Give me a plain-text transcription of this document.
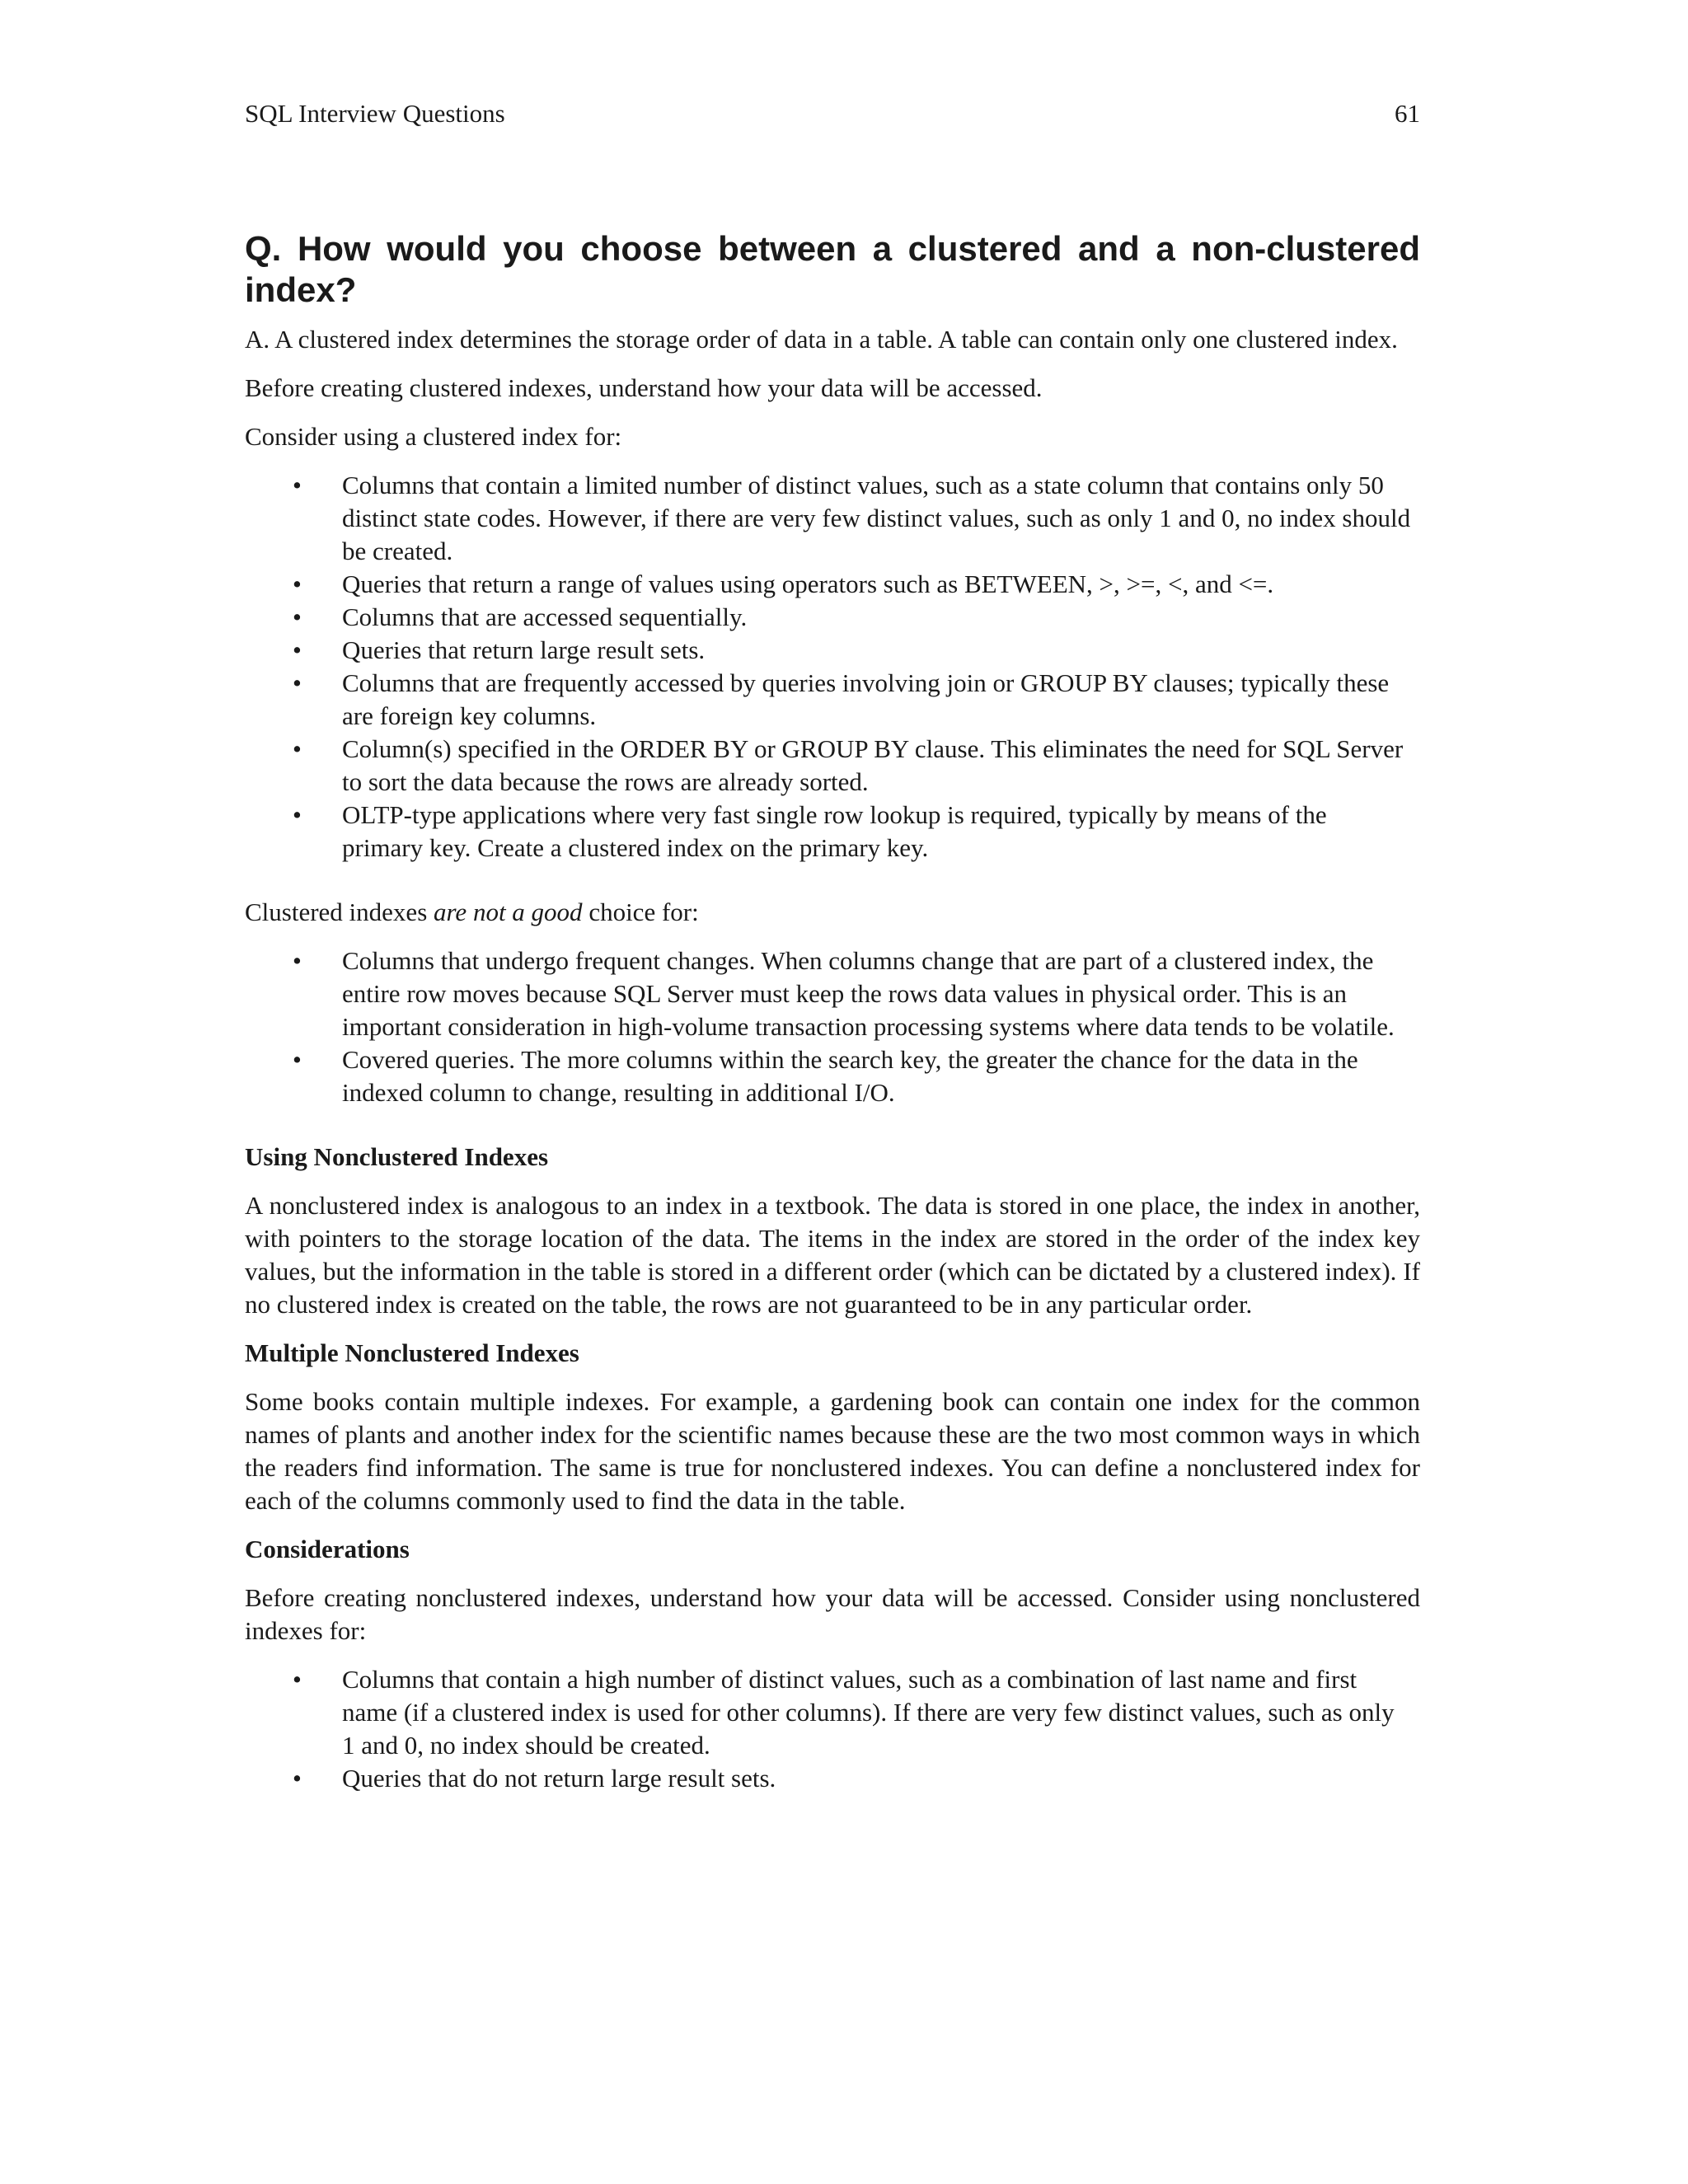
SQL Interview Questions	61
Q. How would you choose between a clustered and a non-clustered index?

A. A clustered index determines the storage order of data in a table. A table can contain only one clustered index.

Before creating clustered indexes, understand how your data will be accessed.

Consider using a clustered index for:

• Columns that contain a limited number of distinct values, such as a state column that contains only 50 distinct state codes. However, if there are very few distinct values, such as only 1 and 0, no index should be created.
• Queries that return a range of values using operators such as BETWEEN, >, >=, <, and <=.
• Columns that are accessed sequentially.
• Queries that return large result sets.
• Columns that are frequently accessed by queries involving join or GROUP BY clauses; typically these are foreign key columns.
• Column(s) specified in the ORDER BY or GROUP BY clause. This eliminates the need for SQL Server to sort the data because the rows are already sorted.
• OLTP-type applications where very fast single row lookup is required, typically by means of the primary key. Create a clustered index on the primary key.

Clustered indexes are not a good choice for:

• Columns that undergo frequent changes. When columns change that are part of a clustered index, the entire row moves because SQL Server must keep the rows data values in physical order. This is an important consideration in high-volume transaction processing systems where data tends to be volatile.
• Covered queries. The more columns within the search key, the greater the chance for the data in the indexed column to change, resulting in additional I/O.
Using Nonclustered Indexes

A nonclustered index is analogous to an index in a textbook. The data is stored in one place, the index in another, with pointers to the storage location of the data. The items in the index are stored in the order of the index key values, but the information in the table is stored in a different order (which can be dictated by a clustered index). If no clustered index is created on the table, the rows are not guaranteed to be in any particular order.

Multiple Nonclustered Indexes

Some books contain multiple indexes. For example, a gardening book can contain one index for the common names of plants and another index for the scientific names because these are the two most common ways in which the readers find information. The same is true for nonclustered indexes. You can define a nonclustered index for each of the columns commonly used to find the data in the table.

Considerations

Before creating nonclustered indexes, understand how your data will be accessed. Consider using nonclustered indexes for:

• Columns that contain a high number of distinct values, such as a combination of last name and first name (if a clustered index is used for other columns). If there are very few distinct values, such as only 1 and 0, no index should be created.
• Queries that do not return large result sets.
